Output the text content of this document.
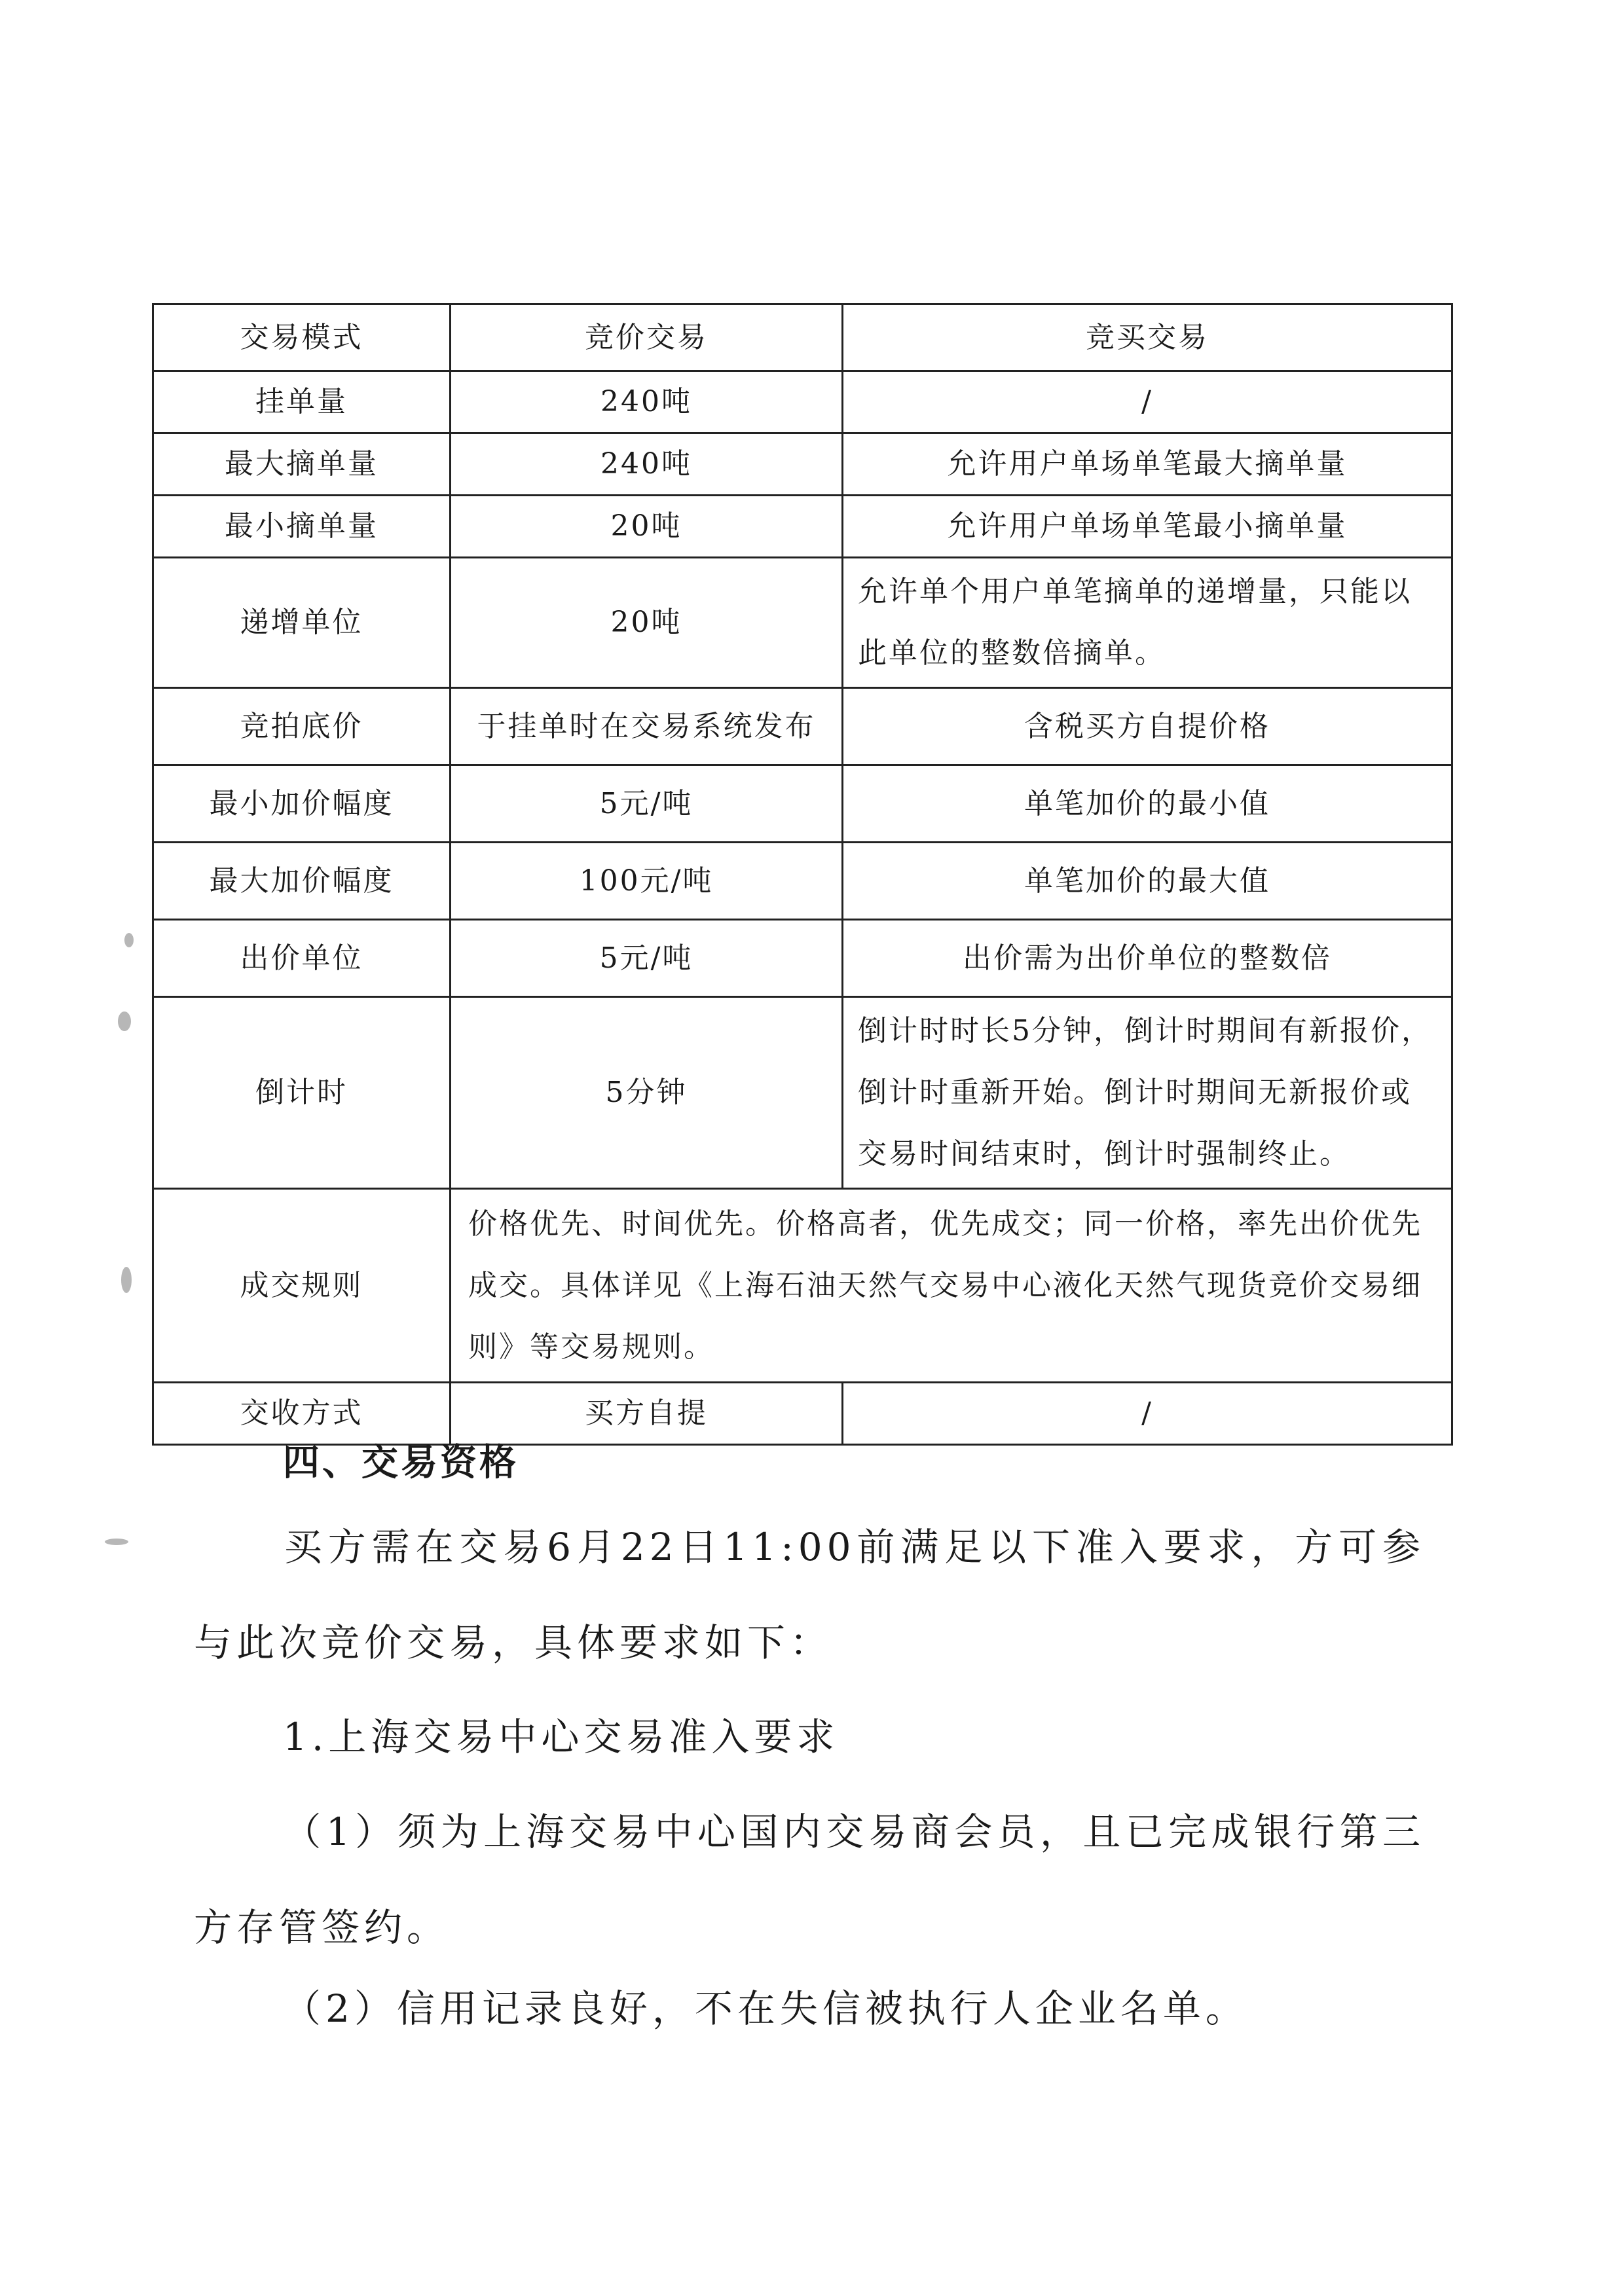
交易模式	竞价交易	竞买交易
挂单量	240吨	/
最大摘单量	240吨	允许用户单场单笔最大摘单量
最小摘单量	20吨	允许用户单场单笔最小摘单量
递增单位	20吨	允许单个用户单笔摘单的递增量，只能以此单位的整数倍摘单。
竞拍底价	于挂单时在交易系统发布	含税买方自提价格
最小加价幅度	5元/吨	单笔加价的最小值
最大加价幅度	100元/吨	单笔加价的最大值
出价单位	5元/吨	出价需为出价单位的整数倍
倒计时	5分钟	倒计时时长5分钟，倒计时期间有新报价，倒计时重新开始。倒计时期间无新报价或交易时间结束时，倒计时强制终止。
成交规则	价格优先、时间优先。价格高者，优先成交；同一价格，率先出价优先成交。具体详见《上海石油天然气交易中心液化天然气现货竞价交易细则》等交易规则。	
交收方式	买方自提	/
四、交易资格
买方需在交易6月22日11:00前满足以下准入要求，方可参与此次竞价交易，具体要求如下：
1.上海交易中心交易准入要求
（1）须为上海交易中心国内交易商会员，且已完成银行第三方存管签约。
（2）信用记录良好，不在失信被执行人企业名单。
